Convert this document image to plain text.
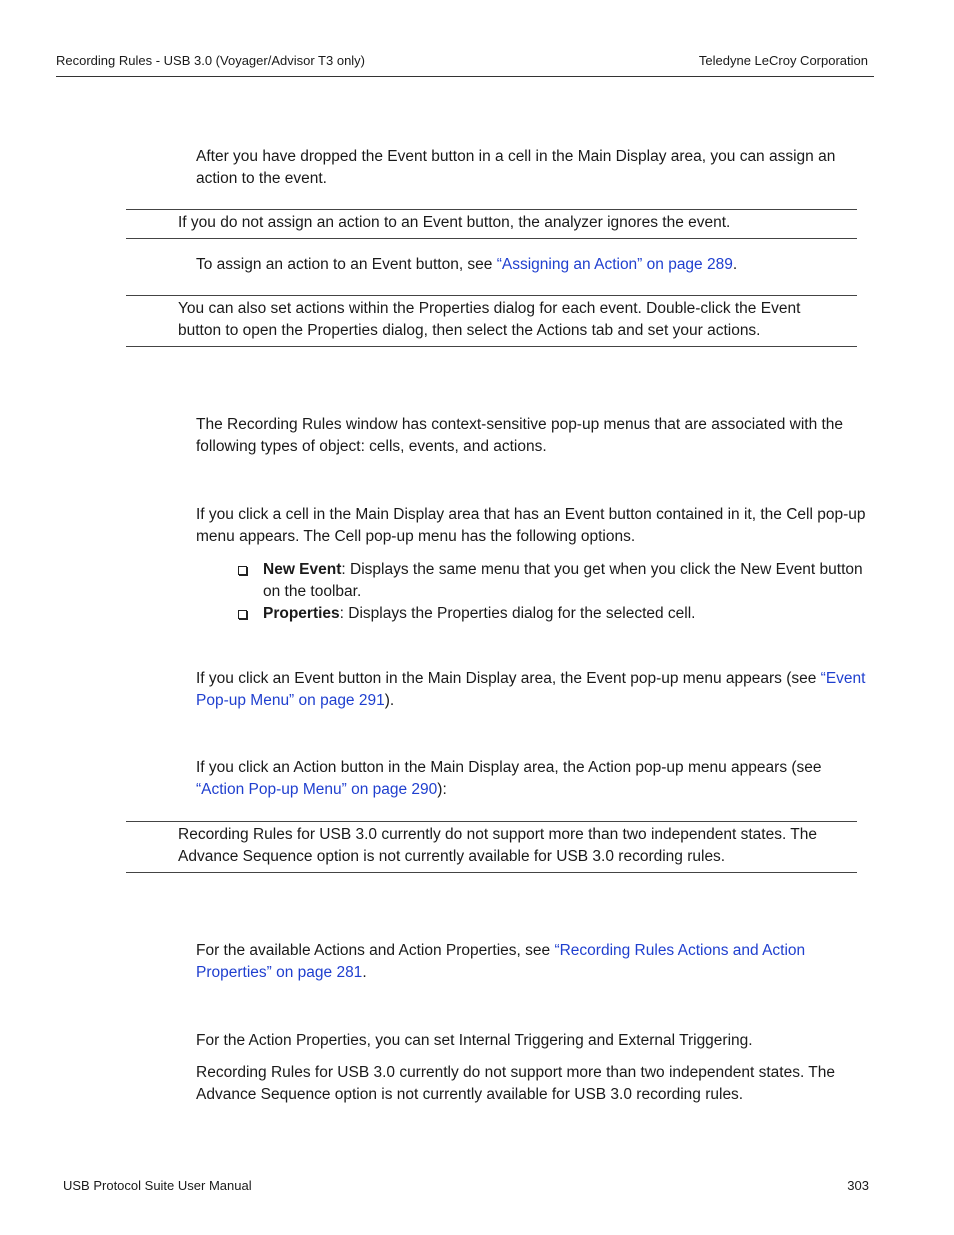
Recording Rules - USB 3.0 (Voyager/Advisor T3 only)	Teledyne LeCroy Corporation

After you have dropped the Event button in a cell in the Main Display area, you can assign an action to the event.

If you do not assign an action to an Event button, the analyzer ignores the event.

To assign an action to an Event button, see “Assigning an Action” on page 289.

You can also set actions within the Properties dialog for each event. Double-click the Event button to open the Properties dialog, then select the Actions tab and set your actions.

The Recording Rules window has context-sensitive pop-up menus that are associated with the following types of object: cells, events, and actions.

If you click a cell in the Main Display area that has an Event button contained in it, the Cell pop-up menu appears. The Cell pop-up menu has the following options.

New Event: Displays the same menu that you get when you click the New Event button on the toolbar.
Properties: Displays the Properties dialog for the selected cell.

If you click an Event button in the Main Display area, the Event pop-up menu appears (see “Event Pop-up Menu” on page 291).

If you click an Action button in the Main Display area, the Action pop-up menu appears (see “Action Pop-up Menu” on page 290):

Recording Rules for USB 3.0 currently do not support more than two independent states. The Advance Sequence option is not currently available for USB 3.0 recording rules.

For the available Actions and Action Properties, see “Recording Rules Actions and Action Properties” on page 281.

For the Action Properties, you can set Internal Triggering and External Triggering.

Recording Rules for USB 3.0 currently do not support more than two independent states. The Advance Sequence option is not currently available for USB 3.0 recording rules.

USB Protocol Suite User Manual	303
